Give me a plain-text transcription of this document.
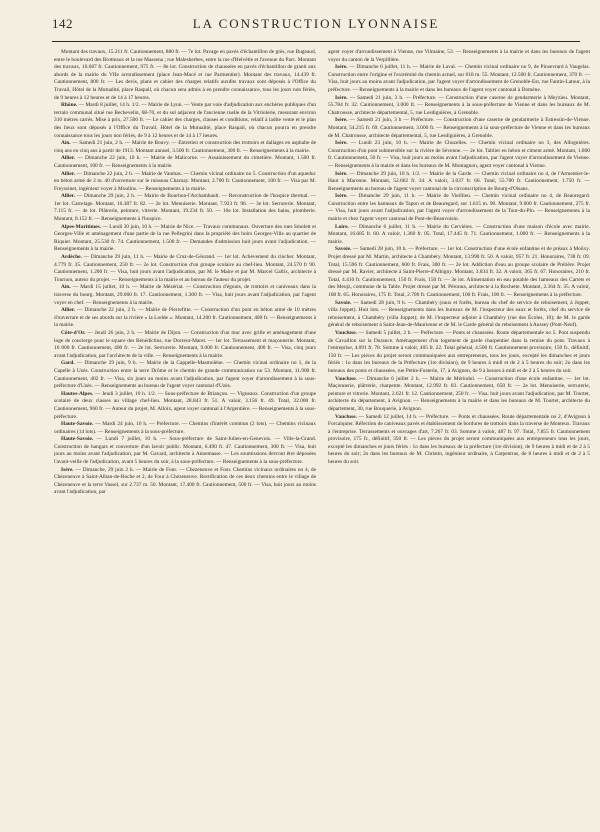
142	LA CONSTRUCTION LYONNAISE

Montant des travaux, 15.211 fr. Cautionnement, 880 fr. — 7e lot. Pavage en pavés d'échantillon de grès, rue Bugeaud, entre le boulevard des Brotteaux et la rue Massena ; rue Malesherbes, entre la rue d'Helvétie et l'avenue du Parc. Montant des travaux, 16.687 fr. Cautionnement, 975 fr. — 8e lot. Construction de chaussées en pavés d'échantillon de granit aux abords de la mairie du VIIe arrondissement (place Jean-Macé et rue Parmentier). Montant des travaux, 14.439 fr. Cautionnement, 800 fr. — Les devis, plans et cahier des charges relatifs auxdits travaux sont déposés à l'Office du Travail, Hôtel de la Mutualité, place Raspail, où chacun sera admis à en prendre connaissance, tous les jours non fériés, de 9 heures à 12 heures et de 14 à 17 heures.

Rhône. — Mardi 8 juillet, 14 h. 1/2. — Mairie de Lyon. — Vente par voie d'adjudication aux enchères publiques d'un terrain communal situé rue Bechevelin, 68-70, et du sol adjacent de l'ancienne ruelle de la Vitriolerie, mesurant environ 310 mètres carrés. Mise à prix, 27.500 fr. — Le cahier des charges, clauses et conditions, relatif à ladite vente et le plan des lieux sont déposés à l'Office du Travail, Hôtel de la Mutualité, place Raspail, où chacun pourra en prendre connaissance tous les jours non fériés, de 9 à 12 heures et de 14 à 17 heures.

Ain. — Samedi 21 juin, 2 h. — Mairie de Bouvy. — Entretien et construction des trottoirs et dallages en asphalte de cinq ans en cinq ans à partir de 1913. Montant annuel, 3.500 fr. Cautionnement, 300 fr. — Renseignements à la mairie.

Allier. — Dimanche 22 juin, 10 h. — Mairie de Malicorne. — Assainissement du cimetière. Montant, 1.500 fr. Cautionnement, 100 fr. — Renseignements à la mairie.

Allier. — Dimanche 22 juin, 2 h. — Mairie de Vaumas. — Chemin vicinal ordinaire no 5. Construction d'un aqueduc en béton armé de 2 m. 40 d'ouverture sur le ruisseau Charnay. Montant, 2.700 fr. Cautionnement, 100 fr. — Visa par M. Freyssinet, ingénieur voyer à Moulins. — Renseignements à la mairie.

Allier. — Dimanche 29 juin, 2 h. — Mairie de Bourbon-l'Archambault. — Reconstruction de l'hospice thermal. — 1er lot. Carrelage. Montant, 16.387 fr. 82. — 2e lot. Menuiserie. Montant, 7.923 fr. 96. — 3e lot. Serrurerie. Montant, 7.115 fr. — 4e lot. Plâtrerie, peinture, vitrerie. Montant, 19.234 fr. 50. — 16e lot. Installation des bains, plomberie. Montant, 8.152 fr. — Renseignements à l'hospice.

Alpes-Maritimes. — Lundi 30 juin, 10 h. — Mairie de Nice. — Travaux communaux. Ouverture des rues Smolett et Georges-Ville et aménagement d'une partie de la rue Pellegrini dans la propriété des hoirs Georges-Ville au quartier de Riquier. Montant, 25.530 fr. 74. Cautionnement, 1.500 fr. — Demandes d'admission huit jours avant l'adjudication. — Renseignements à la mairie.

Ardèche. — Dimanche 29 juin, 11 h. — Mairie de Cruz-de-Géorand. — 1er lot. Achèvement du clocher. Montant, 4.779 fr. 35. Cautionnement, 250 fr. — 2e lot. Construction d'un groupe scolaire au chef-lieu. Montant, 24.570 fr 90. Cautionnement, 1.200 fr. — Visa, huit jours avant l'adjudication, par M. le Maire et par M. Marcel Gallix, architecte à Tournon, auteur du projet. — Renseignements à la mairie et au bureau de l'auteur du projet.

Ain. — Mardi 15 juillet, 10 h. — Mairie de Mézériat. — Construction d'égouts, de trottoirs et caniveaux dans la traverse du bourg. Montant, 29.060 fr. 17. Cautionnement, 1.300 fr. — Visa, huit jours avant l'adjudication, par l'agent voyer en chef. — Renseignements à la mairie.

Allier. — Dimanche 22 juin, 2 h. — Mairie de Pierrefitte. — Construction d'un pont en béton armé de 10 mètres d'ouverture et de ses abords sur la rivière « la Lodde ». Montant, 14.200 fr. Cautionnement, 400 fr. — Renseignements à la mairie.

Côte-d'Or. — Jeudi 26 juin, 2 h. — Mairie de Dijon. — Construction d'un mur avec grille et aménagement d'une loge de concierge pour le square des Bénédictins, rue Docteur-Maret. — 1er lot. Terrassement et maçonnerie. Montant, 10 000 fr. Cautionnement, 400 fr. — 2e lot. Serrurerie. Montant, 9.000 fr. Cautionnement, 400 fr. — Visa, cinq jours avant l'adjudication, par l'architecte de la ville. — Renseignements à la mairie.

Gard. — Dimanche 29 juin, 9 h. — Mairie de la Cappelle-Masmolène. — Chemin vicinal ordinaire no 1, de la Capelle à Uzès. Construction entre la terre Drôme et le chemin de grande communication no 53. Montant, 11.900 fr. Cautionnement, 402 fr. — Visa, six jours au moins avant l'adjudication, par l'agent voyer d'arrondissement à la sous-préfecture d'Uzès. — Renseignements au bureau de l'agent voyer cantonal d'Uzès.

Hautes-Alpes. — Jeudi 3 juillet, 10 h. 1/2. — Sous-préfecture de Briançon. — Vigneaux. Construction d'un groupe scolaire de deux classes au village chef-lieu. Montant, 28.843 fr. 51. A valoir, 3.156 fr. 49. Total, 32.000 fr. Cautionnement, 960 fr. — Auteur du projet, M. Alloix, agent voyer cantonal à l'Argentière. — Renseignements à la sous-préfecture.

Haute-Savoie. — Mardi 24 juin, 10 h. — Préfecture. — Chemins d'intérêt commun (2 lots). — Chemins vicinaux ordinaires (14 lots). — Renseignements à la sous-préfecture.

Haute-Savoie. — Lundi 7 juillet, 10 h. — Sous-préfecture de Saint-Julien-en-Genevois. — Ville-la-Grand. Construction de hangars et couverture d'un lavoir public. Montant, 6.490 fr. 47. Cautionnement, 300 fr. — Visa, huit jours au moins avant l'adjudication, par M. Gavard, architecte à Annemasse. — Les soumissions devront être déposées l'avant-veille de l'adjudication, avant 5 heures du soir, à la sous-préfecture. — Renseignements à la sous-préfecture.

Isère. — Dimanche, 29 juin 2 h. — Mairie de Four. — Chezeneuve et Four. Chemins vicinaux ordinaires no 4, de Chézeneuve à Saint-Alban-de-Roche et 2, de Four à Chézeneuve. Rectification de ces deux chemins entre le village de Chézeneuve et la terre Vassel, sur 2.737 m. 50. Montant, 17.400 fr. Cautionnement, 500 fr. — Visa, huit jours au moins avant l'adjudication, par

agent voyer d'arrondissement à Vienne, rue Vilmaine, 53. — Renseignements à la mairie et dans les bureaux de l'agent voyer du canton de la Verpillière.

Isère. — Dimanche 6 juillet, 11 h. — Mairie de Laval. — Chemin vicinal ordinaire no 9, de Pinsevrard à Vaugelas. Construction entre l'origine et l'extrémité du chemin actuel, sur 618 m. 55. Montant, 12.500 fr. Cautionnement, 370 fr. — Visa, huit jours au moins avant l'adjudication, par l'agent voyer d'arrondissement de Grenoble-Est, rue Fantin-Latour, à la préfecture. — Renseignements à la mairie et dans les bureaux de l'agent voyer cantonal à Domène.

Isère. — Samedi 21 juin, 3 h. — Préfecture. — Construction d'une caserne de gendarmerie à Meyzieu. Montant, 55.784 fr. 32. Cautionnement, 3.000 fr. — Renseignements à la sous-préfecture de Vienne et dans les bureaux de M. Chatrousse, architecte départemental, 5, rue Lesdiguières, à Grenoble.

Isère. — Samedi 21 juin, 3 h — Préfecture. — Construction d'une caserne de gendarmerie à Estressin-de-Vienne. Montant, 54.215 fr. 69. Cautionnement, 3.000 fr. — Renseignements à la sous-préfecture de Vienne et dans les bureaux de M. Chatrousse, architecte départemental, 5, rue Lesdiguières, à Grenoble.

Isère. — Lundi 23 juin, 10 h. — Mairie de Chuzelles. — Chemin vicinal ordinaire no 3, des Allogniéres. Construction d'un pont submersible sur la rivière de Sévenne. — 2e lot. Tablier en béton et ciment armé. Montant, 1.800 fr. Cautionnement, 50 fr. — Visa, huit jours au moins avant l'adjudication, par l'agent voyer d'arrondissement de Vienne. — Renseignements à la mairie et dans les bureaux de M. Montagnon, agent voyer cantonal à Vienne.

Isère. — Dimanche 29 juin, 10 h. 1/2. — Mairie de la Garde. — Chemin vicinal ordinaire no 4, de l'Armentier-le-Haut à Maronne. Montant, 52.662 fr. 34. A valoir, 3.037 fr. 66. Total, 55.700 fr. Cautionnement, 1.750 fr. — Renseignements au bureau de l'agent voyer cantonal de la circonscription de Bourg-d'Oisans.

Isère. — Dimanche 29 juin, 11 h. — Mairie de Vieillieu. — Chemin vicinal ordinaire no 4, de Beauregard. Construction entre les hameaux de Tapon et de Beauregard, sur 1.615 m. 90. Montant, 9.000 fr. Cautionnement, 275 fr. — Visa, huit jours avant l'adjudication, par l'agent voyer d'arrondissement de la Tour-du-Pin. — Renseignements à la mairie et chez l'agent voyer cantonal de Pont-de-Beauvoisin.

Loire. — Dimanche 6 juillet, 11 h. — Mairie du Cervières. — Construction d'une maison d'école avec mairie. Montant, 16.685 fr. 60. A valoir, 1.360 fr. 05. Total, 17.445 fr. 71. Cautionnement, 1.000 fr. — Renseignements à la mairie.

Savoie. — Samedi 28 juin, 10 h. — Préfecture. — 1er lot. Construction d'une école enfantine et de préaux à Moûxy. Projet dressé par M. Martin, architecte à Chambéry. Montant, 13.990 fr. 50. A valoir, 957 fr. 21. Honoraires, 738 fr. 09. Total, 15.596 fr. Cautionnement, 600 fr. Frais, 300 fr. — 2e lot. Addiction d'eau au groupe scolaire de Prétière. Projet dressé par M. Ravier, architecte à Saint-Pierre-d'Albigny. Montant, 3.834 fr. 32. A valoir, 365 fr. 67. Honoraires, 210 fr. Total, 4.410 fr. Cautionnement, 150 fr. Frais, 150 fr. — 3e lot. Alimentation en eau potable des hameaux des Cartets et des Meujz, commune de la Table. Projet dressé par M. Péronna, architecte à la Rochette. Montant, 2.364 fr. 35. A valoir, 168 fr. 65. Honoraires, 175 fr. Total, 2.700 fr. Cautionnement, 100 fr. Frais, 100 fr. — Renseignements à la préfecture.

Savoie. — Samedi 28 juin, 9 h. — Chambéry (eaux et forêts, bureau du chef de service de reboisement, à Joppet, villa Joppet). Huit lots. — Renseignements dans les bureaux de M. l'inspecteur des eaux et forêts, chef du service de reboisement, à Chambéry (villa Joppet); de M. l'inspecteur adjoint à Chambéry (rue des Écoles, 10); de M. le garde général de reboisement à Saint-Jean-de-Maurienne et de M. le Garde général du reboisement à Aussey (Pont-Neuf).

Vaucluse. — Samedi 5 juillet, 2 h. — Préfecture. — Ponts et chaussées. Route départementale no 5. Pont suspendu de Cavaillon sur la Durance. Aménagement d'un logement de garde charpentier dans la remise du pont. Travaux à l'entreprise, 4.091 fr. 78. Somme à valoir, 405 fr. 22. Total général, 4.500 fr. Cautionnement provisoire, 150 fr., définitif, 150 fr. — Les pièces du projet seront communiquées aux entrepreneurs, tous les jours, excepté les dimanches et jours fériés : 1o dans les bureaux de la Préfecture (1re division), de 9 heures à midi et de 2 à 5 heures du soir; 2o dans les bureaux des ponts et chaussées, rue Petite-Fusterie, 17, à Avignon, de 9 à heures à midi et de 2 à 5 heures du soir.

Vaucluse. — Dimanche 6 juillet 2 h. — Mairie de Mérindol. — Construction d'une école enfantine. — 1er lot. Maçonnerie, plâtrerie, charpente. Montant, 12.992 fr. 83. Cautionnement, 650 fr. — 2e lot. Menuiserie, serrurerie, peinture et vitrerie. Montant, 2.621 fr. 12. Cautionnement, 250 fr. — Visa, huit jours avant l'adjudication, par M. Tourtet, architecte du département, à Avignon. — Renseignements à la mairie et dans les bureaux de M. Tourtet, architecte du département, 30, rue Bouquerie, à Avignon.

Vaucluse. — Samedi 12 juillet, 14 h. — Préfecture. — Ponts et chaussées. Route départementale no 2, d'Avignon à Forcalquier. Réfection de caniveaux pavés et établissement de bordures de trottoirs dans la traverse de Monteux. Travaux à l'entreprise. Terrassements et ouvrages d'art, 7.267 fr. 03. Somme à valoir, 487 fr. 97. Total, 7.855 fr. Cautionnement provisoire, 175 fr., définitif, 350 fr. — Les pièces du projet seront communiquées aux entrepreneurs tous les jours, excepté les dimanches et jours fériés : 1o dans les bureaux de la préfecture (1re division), de 9 heures à midi et de 2 à 5 heures du soir; 2o dans les bureaux de M. Christin, ingénieur ordinaire, à Carpentras, de 8 heures à midi et de 2 à 5 heures du soir.
